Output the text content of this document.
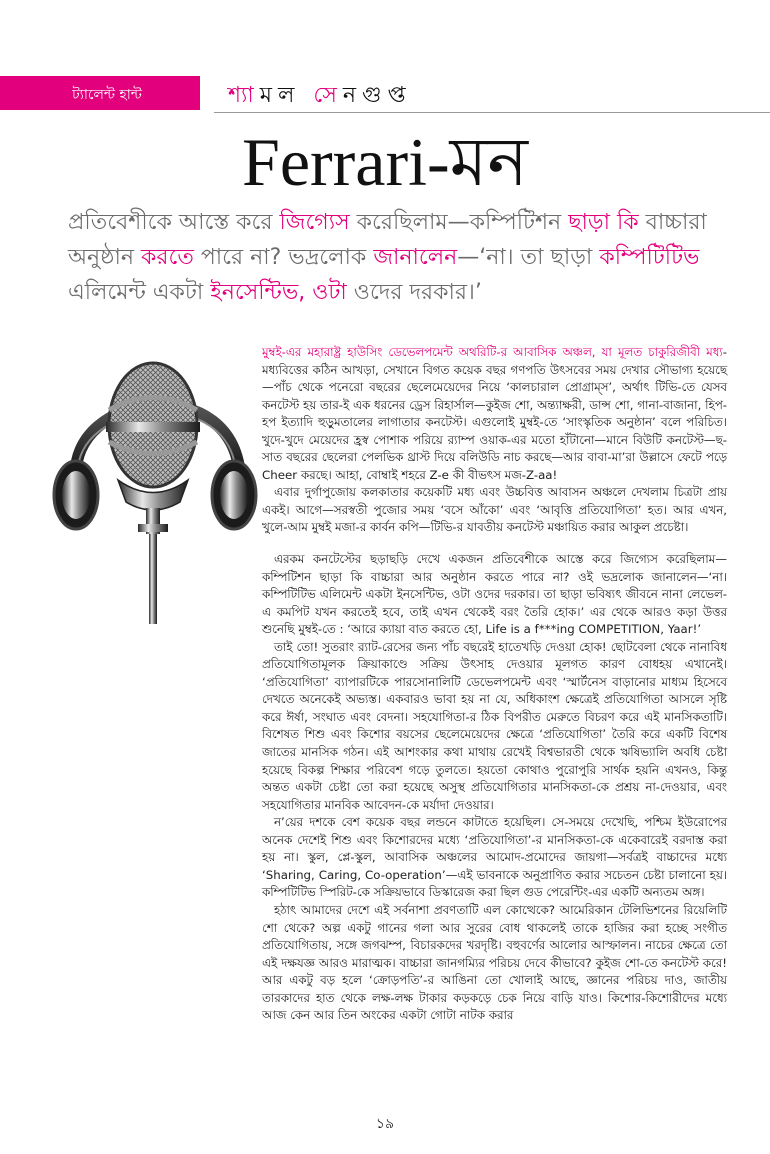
ট্যালেন্ট হান্ট	শ্যামল সেনগুপ্ত
Ferrari-মন
প্রতিবেশীকে আস্তে করে জিগ্যেস করেছিলাম—কম্পিটিশন ছাড়া কি বাচ্চারা অনুষ্ঠান করতে পারে না? ভদ্রলোক জানালেন—‘না। তা ছাড়া কম্পিটিটিভ এলিমেন্ট একটা ইনসেন্টিভ, ওটা ওদের দরকার।’

মুম্বই-এর মহারাষ্ট্র হাউসিং ডেভেলপমেন্ট অথরিটি-র আবাসিক অঞ্চল, যা মূলত চাকুরিজীবী মধ্য-মধ্যবিত্তের কঠিন আখড়া, সেখানে বিগত কয়েক বছর গণপতি উৎসবের সময় দেখার সৌভাগ্য হয়েছে—পাঁচ থেকে পনেরো বছরের ছেলেমেয়েদের নিয়ে ‘কালচারাল প্রোগ্রাম্‌স’, অর্থাৎ টিভি-তে যেসব কনটেস্ট হয় তার-ই এক ধরনের ড্রেস রিহার্সাল—কুইজ শো, অন্ত্যাক্ষরী, ডান্স শো, গানা-বাজানা, হিপ-হপ ইত্যাদি হুড়ুমতালের লাগাতার কনটেস্ট। এগুলোই মুম্বই-তে ‘সাংস্কৃতিক অনুষ্ঠান’ বলে পরিচিত। খুদে-খুদে মেয়েদের হ্রস্ব পোশাক পরিয়ে র‍্যাম্প ওয়াক-এর মতো হাঁটানো—মানে বিউটি কনটেস্ট—ছ-সাত বছরের ছেলেরা পেলভিক থ্রাস্ট দিয়ে বলিউডি নাচ করছে—আর বাবা-মা’রা উল্লাসে ফেটে পড়ে Cheer করছে। আহা, বোম্বাই শহরে Z-e কী বীভৎস মজ-Z-aa!

এবার দুর্গাপুজোয় কলকাতার কয়েকটি মধ্য এবং উচ্চবিত্ত আবাসন অঞ্চলে দেখলাম চিত্রটা প্রায় একই। আগে—সরস্বতী পুজোর সময় ‘বসে আঁকো’ এবং ‘আবৃত্তি প্রতিযোগিতা’ হত। আর এখন, খুলে-আম মুম্বই মজা-র কার্বন কপি—টিভি-র যাবতীয় কনটেস্ট মঞ্চায়িত করার আকুল প্রচেষ্টা।

এরকম কনটেস্টের ছড়াছড়ি দেখে একজন প্রতিবেশীকে আস্তে করে জিগ্যেস করেছিলাম—কম্পিটিশন ছাড়া কি বাচ্চারা আর অনুষ্ঠান করতে পারে না? ওই ভদ্রলোক জানালেন—‘না। কম্পিটিটিভ এলিমেন্ট একটা ইনসেন্টিভ, ওটা ওদের দরকার। তা ছাড়া ভবিষ্যৎ জীবনে নানা লেভেল-এ কমপিট যখন করতেই হবে, তাই এখন থেকেই বরং তৈরি হোক।’ এর থেকে আরও কড়া উত্তর শুনেছি মুম্বই-তে : ‘আরে ক্যায়া বাত করতে হো, Life is a f***ing COMPETITION, Yaar!’

তাই তো! সুতরাং র‍্যাট-রেসের জন্য পাঁচ বছরেই হাতেখড়ি দেওয়া হোক! ছোটবেলা থেকে নানাবিধ প্রতিযোগিতামূলক ক্রিয়াকাণ্ডে সক্রিয় উৎসাহ দেওয়ার মূলগত কারণ বোধহয় এখানেই। ‘প্রতিযোগিতা’ ব্যাপারটিকে পারসোনালিটি ডেভেলপমেন্ট এবং ‘স্মার্টনেস বাড়ানোর মাধ্যম হিসেবে দেখতে অনেকেই অভ্যস্ত। একবারও ভাবা হয় না যে, অধিকাংশ ক্ষেত্রেই প্রতিযোগিতা আসলে সৃষ্টি করে ঈর্ষা, সংঘাত এবং বেদনা। সহযোগিতা-র ঠিক বিপরীত মেরুতে বিচরণ করে এই মানসিকতাটি। বিশেষত শিশু এবং কিশোর বয়সের ছেলেমেয়েদের ক্ষেত্রে ‘প্রতিযোগিতা’ তৈরি করে একটি বিশেষ জাতের মানসিক গঠন। এই আশংকার কথা মাথায় রেখেই বিশ্বভারতী থেকে ঋষিভ্যালি অবধি চেষ্টা হয়েছে বিকল্প শিক্ষার পরিবেশ গড়ে তুলতে। হয়তো কোথাও পুরোপুরি সার্থক হয়নি এখনও, কিন্তু অন্তত একটা চেষ্টা তো করা হয়েছে অসুস্থ প্রতিযোগিতার মানসিকতা-কে প্রশ্রয় না-দেওয়ার, এবং সহযোগিতার মানবিক আবেদন-কে মর্যাদা দেওয়ার।

ন’য়ের দশকে বেশ কয়েক বছর লন্ডনে কাটাতে হয়েছিল। সে-সময়ে দেখেছি, পশ্চিম ইউরোপের অনেক দেশেই শিশু এবং কিশোরদের মধ্যে ‘প্রতিযোগিতা’-র মানসিকতা-কে একেবারেই বরদাস্ত করা হয় না। স্কুল, প্লে-স্কুল, আবাসিক অঞ্চলের আমোদ-প্রমোদের জায়গা—সর্বত্রই বাচ্চাদের মধ্যে ‘Sharing, Caring, Co-operation’—এই ভাবনাকে অনুপ্রাণিত করার সচেতন চেষ্টা চালানো হয়। কম্পিটিটিভ স্পিরিট-কে সক্রিয়ভাবে ডিস্কারেজ করা ছিল গুড পেরেন্টিং-এর একটি অন্যতম অঙ্গ।

হঠাৎ আমাদের দেশে এই সর্বনাশা প্রবণতাটি এল কোত্থেকে? আমেরিকান টেলিভিশনের রিয়েলিটি শো থেকে? অল্প একটু গানের গলা আর সুরের বোধ থাকলেই তাকে হাজির করা হচ্ছে সংগীত প্রতিযোগিতায়, সঙ্গে জগঝম্প, বিচারকদের খরদৃষ্টি। বহুবর্ণের আলোর আস্ফালন। নাচের ক্ষেত্রে তো এই দক্ষযজ্ঞ আরও মারাত্মক। বাচ্চারা জানগম্যির পরিচয় দেবে কীভাবে? কুইজ শো-তে কনটেস্ট করে! আর একটু বড় হলে ‘ক্রোড়পতি’-র আঙিনা তো খোলাই আছে, জ্ঞানের পরিচয় দাও, জাতীয় তারকাদের হাত থেকে লক্ষ-লক্ষ টাকার কড়কড়ে চেক নিয়ে বাড়ি যাও। কিশোর-কিশোরীদের মধ্যে আজ কেন আর তিন অংকের একটা গোটা নাটক করার

১৯
